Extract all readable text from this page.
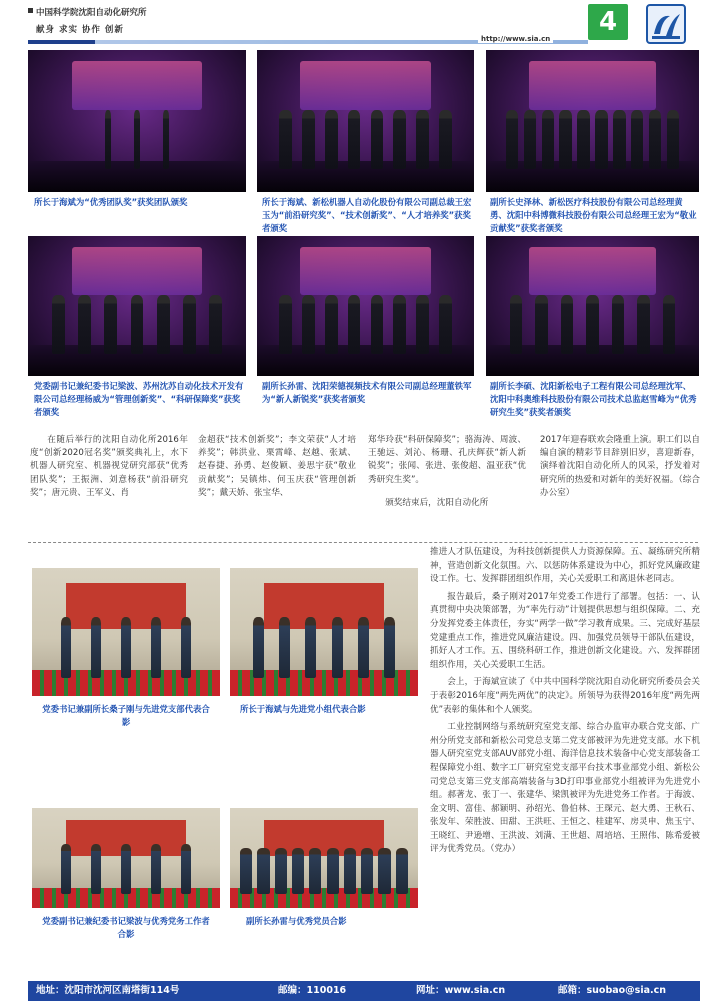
中国科学院沈阳自动化研究所
献身 求实 协作 创新
http://www.sia.cn
4
所长于海斌为“优秀团队奖”获奖团队颁奖	所长于海斌、新松机器人自动化股份有限公司副总裁王宏玉为“前沿研究奖”、“技术创新奖”、“人才培养奖”获奖者颁奖
副所长史泽林、新松医疗科技股份有限公司总经理黄勇、沈阳中科博微科技股份有限公司总经理王宏为“敬业贡献奖”获奖者颁奖
党委副书记兼纪委书记梁波、苏州沈苏自动化技术开发有限公司总经理杨威为“管理创新奖”、“科研保障奖”获奖者颁奖
副所长孙雷、沈阳荣德视频技术有限公司副总经理董铁军为“新人新锐奖”获奖者颁奖
副所长李硕、沈阳新松电子工程有限公司总经理沈军、沈阳中科奥维科技股份有限公司技术总监赵雪峰为“优秀研究生奖”获奖者颁奖
在随后举行的沈阳自动化所2016年度“创新2020冠名奖”颁奖典礼上，水下机器人研究室、机器视觉研究部获“优秀团队奖”；王振洲、刘意杨获“前沿研究奖”；唐元贵、王军义、肖
金超获“技术创新奖”；李文荣获“人才培养奖”；韩洪业、栗霄峰、赵越、张斌、赵春捷、孙勇、赵俊颖、姜思宇获“敬业贡献奖”；吴镇炜、何玉庆获“管理创新奖”；戴天娇、张宝华、

郑华玲获“科研保障奖”；骆海涛、周波、王驰远、刘沁、杨珊、孔庆辉获“新人新锐奖”；张闻、张进、张俊超、温亚获“优秀研究生奖”。

颁奖结束后，沈阳自动化所

2017年迎春联欢会隆重上演。职工们以自编自演的精彩节目辞别旧岁，喜迎新春，演绎着沈阳自动化所人的风采，抒发着对研究所的热爱和对新年的美好祝福。（综合办公室）
党委书记兼副所长桑子刚与先进党支部代表合影
所长于海斌与先进党小组代表合影
党委副书记兼纪委书记梁波与优秀党务工作者合影
副所长孙雷与优秀党员合影

推进人才队伍建设，为科技创新提供人力资源保障。五、凝练研究所精神，营造创新文化氛围。六、以惩防体系建设为中心，抓好党风廉政建设工作。七、发挥群团组织作用，关心关爱职工和离退休老同志。

报告最后，桑子刚对2017年党委工作进行了部署。包括：一、认真贯彻中央决策部署，为“率先行动”计划提供思想与组织保障。二、充分发挥党委主体责任，夯实“两学一做”学习教育成果。三、完成好基层党建重点工作，推进党风廉洁建设。四、加强党员领导干部队伍建设，抓好人才工作。五、围绕科研工作，推进创新文化建设。六、发挥群团组织作用，关心关爱职工生活。

会上，于海斌宣读了《中共中国科学院沈阳自动化研究所委员会关于表彰2016年度“两先两优”的决定》。所领导为获得2016年度“两先两优”表彰的集体和个人颁奖。

工业控制网络与系统研究室党支部、综合办监审办联合党支部、广州分所党支部和新松公司党总支第二党支部被评为先进党支部。水下机器人研究室党支部AUV部党小组、海洋信息技术装备中心党支部装备工程保障党小组、数字工厂研究室党支部平台技术事业部党小组、新松公司党总支第三党支部高端装备与3D打印事业部党小组被评为先进党小组。郝著龙、张丁一、张建华、梁凯被评为先进党务工作者。于海波、金文明、富佳、郝颖明、孙绍光、鲁伯林、王琛元、赵大勇、王秋石、张发年、荣胜波、田甜、王洪旺、王恒之、桂建军、房灵申、焦玉宁、王晓红、尹逊增、王洪波、刘满、王世超、周培培、王照伟、陈希爱被评为优秀党员。（党办）

地址：沈阳市沈河区南塔街114号	邮编：110016	网址：www.sia.cn	邮箱：suobao@sia.cn
